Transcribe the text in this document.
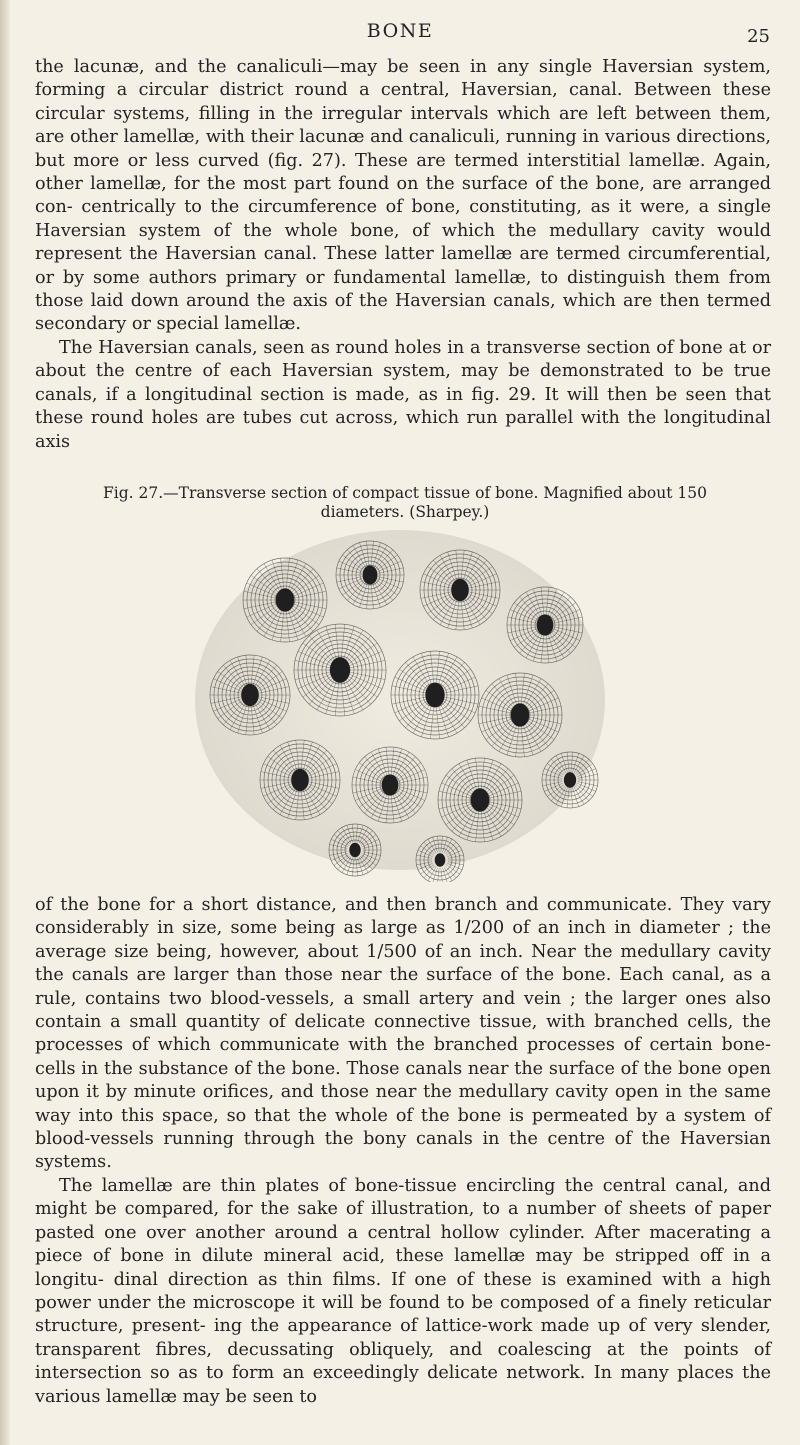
BONE	25

the lacunæ, and the canaliculi—may be seen in any single Haversian system, forming a circular district round a central, Haversian, canal. Between these circular systems, filling in the irregular intervals which are left between them, are other lamellæ, with their lacunæ and canaliculi, running in various directions, but more or less curved (fig. 27). These are termed interstitial lamellæ. Again, other lamellæ, for the most part found on the surface of the bone, are arranged con- centrically to the circumference of bone, constituting, as it were, a single Haversian system of the whole bone, of which the medullary cavity would represent the Haversian canal. These latter lamellæ are termed circumferential, or by some authors primary or fundamental lamellæ, to distinguish them from those laid down around the axis of the Haversian canals, which are then termed secondary or special lamellæ.

The Haversian canals, seen as round holes in a transverse section of bone at or about the centre of each Haversian system, may be demonstrated to be true canals, if a longitudinal section is made, as in fig. 29. It will then be seen that these round holes are tubes cut across, which run parallel with the longitudinal axis

Fig. 27.—Transverse section of compact tissue of bone. Magnified about 150 diameters. (Sharpey.)

of the bone for a short distance, and then branch and communicate. They vary considerably in size, some being as large as 1/200 of an inch in diameter ; the average size being, however, about 1/500 of an inch. Near the medullary cavity the canals are larger than those near the surface of the bone. Each canal, as a rule, contains two blood-vessels, a small artery and vein ; the larger ones also contain a small quantity of delicate connective tissue, with branched cells, the processes of which communicate with the branched processes of certain bone-cells in the substance of the bone. Those canals near the surface of the bone open upon it by minute orifices, and those near the medullary cavity open in the same way into this space, so that the whole of the bone is permeated by a system of blood-vessels running through the bony canals in the centre of the Haversian systems.

The lamellæ are thin plates of bone-tissue encircling the central canal, and might be compared, for the sake of illustration, to a number of sheets of paper pasted one over another around a central hollow cylinder. After macerating a piece of bone in dilute mineral acid, these lamellæ may be stripped off in a longitu- dinal direction as thin films. If one of these is examined with a high power under the microscope it will be found to be composed of a finely reticular structure, present- ing the appearance of lattice-work made up of very slender, transparent fibres, decussating obliquely, and coalescing at the points of intersection so as to form an exceedingly delicate network. In many places the various lamellæ may be seen to
